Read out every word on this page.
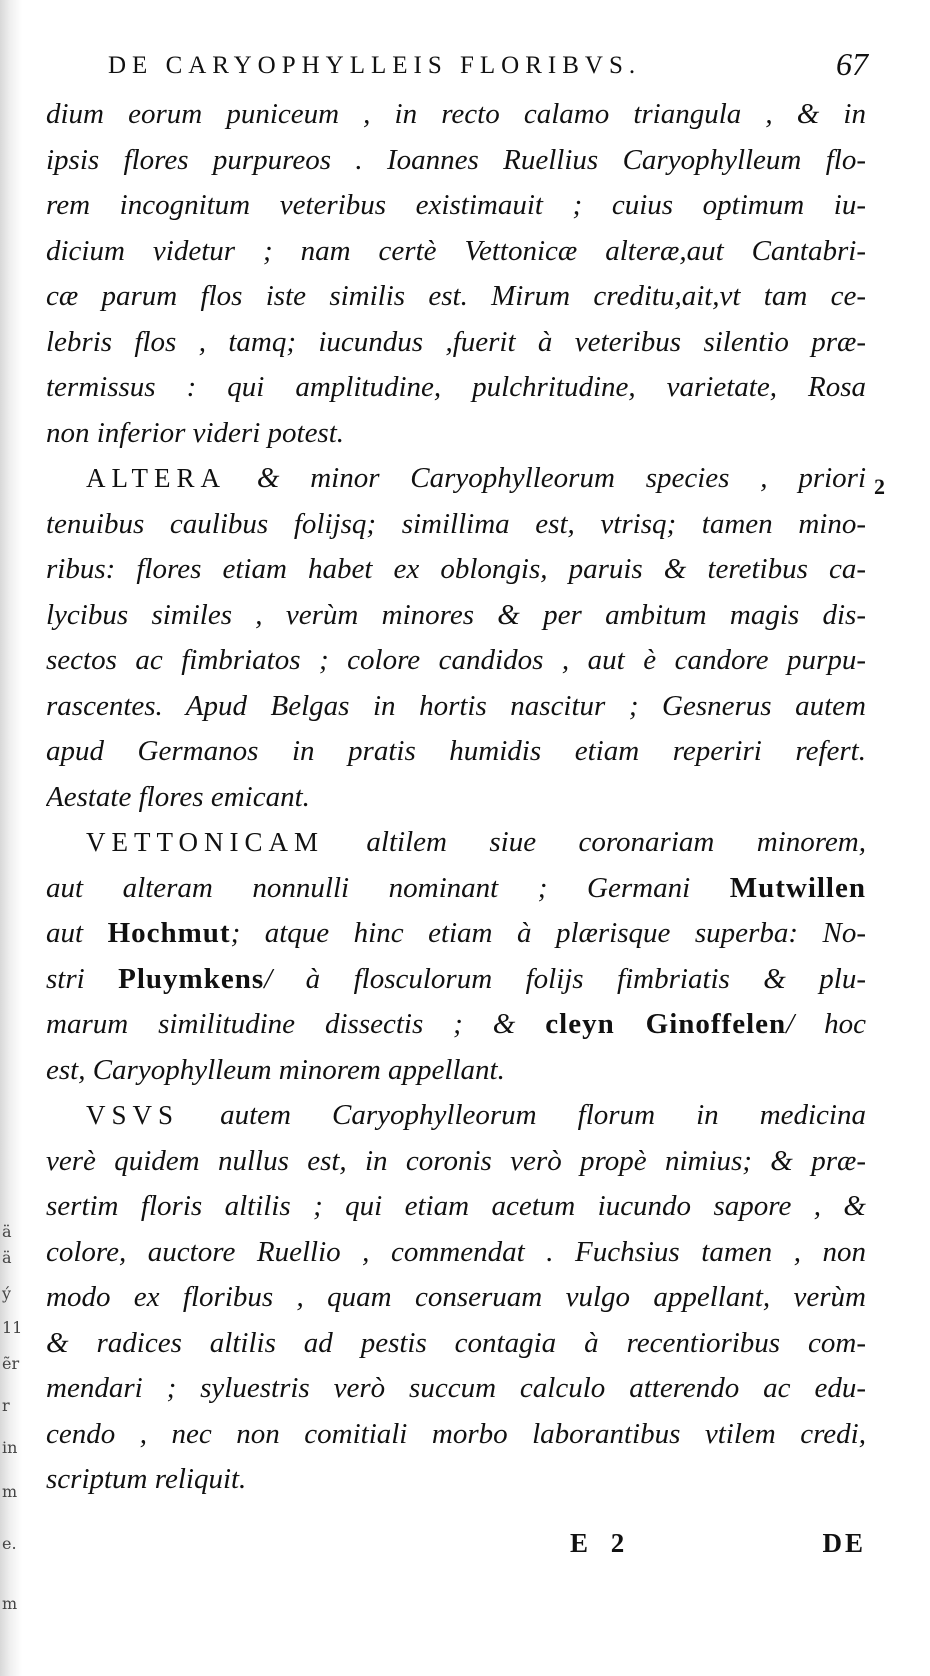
ä
ä
ý
11
ẽr
r
in
m
e.
m
DE CARYOPHYLLEIS FLORIBVS.	67
2
dium eorum puniceum , in recto calamo triangula , & in
ipsis flores purpureos . Ioannes Ruellius Caryophylleum flo-
rem incognitum veteribus existimauit ; cuius optimum iu-
dicium videtur ; nam certè Vettonicæ alteræ,aut Cantabri-
cæ parum flos iste similis est. Mirum creditu,ait,vt tam ce-
lebris flos , tamq; iucundus ,fuerit à veteribus silentio præ-
termissus : qui amplitudine, pulchritudine, varietate, Rosa
non inferior videri potest.
ALTERA & minor Caryophylleorum species , priori
tenuibus caulibus folijsq; simillima est, vtrisq; tamen mino-
ribus: flores etiam habet ex oblongis, paruis & teretibus ca-
lycibus similes , verùm minores & per ambitum magis dis-
sectos ac fimbriatos ; colore candidos , aut è candore purpu-
rascentes. Apud Belgas in hortis nascitur ; Gesnerus autem
apud Germanos in pratis humidis etiam reperiri refert.
Aestate flores emicant.
VETTONICAM altilem siue coronariam minorem,
aut alteram nonnulli nominant ; Germani Mutwillen
aut Hochmut; atque hinc etiam à plærisque superba: No-
stri Pluymkens/ à flosculorum folijs fimbriatis & plu-
marum similitudine dissectis ; & cleyn Ginoffelen/ hoc
est, Caryophylleum minorem appellant.
VSVS autem Caryophylleorum florum in medicina
verè quidem nullus est, in coronis verò propè nimius; & præ-
sertim floris altilis ; qui etiam acetum iucundo sapore , &
colore, auctore Ruellio , commendat . Fuchsius tamen , non
modo ex floribus , quam conseruam vulgo appellant, verùm
& radices altilis ad pestis contagia à recentioribus com-
mendari ; syluestris verò succum calculo atterendo ac edu-
cendo , nec non comitiali morbo laborantibus vtilem credi,
scriptum reliquit.
E 2	DE
